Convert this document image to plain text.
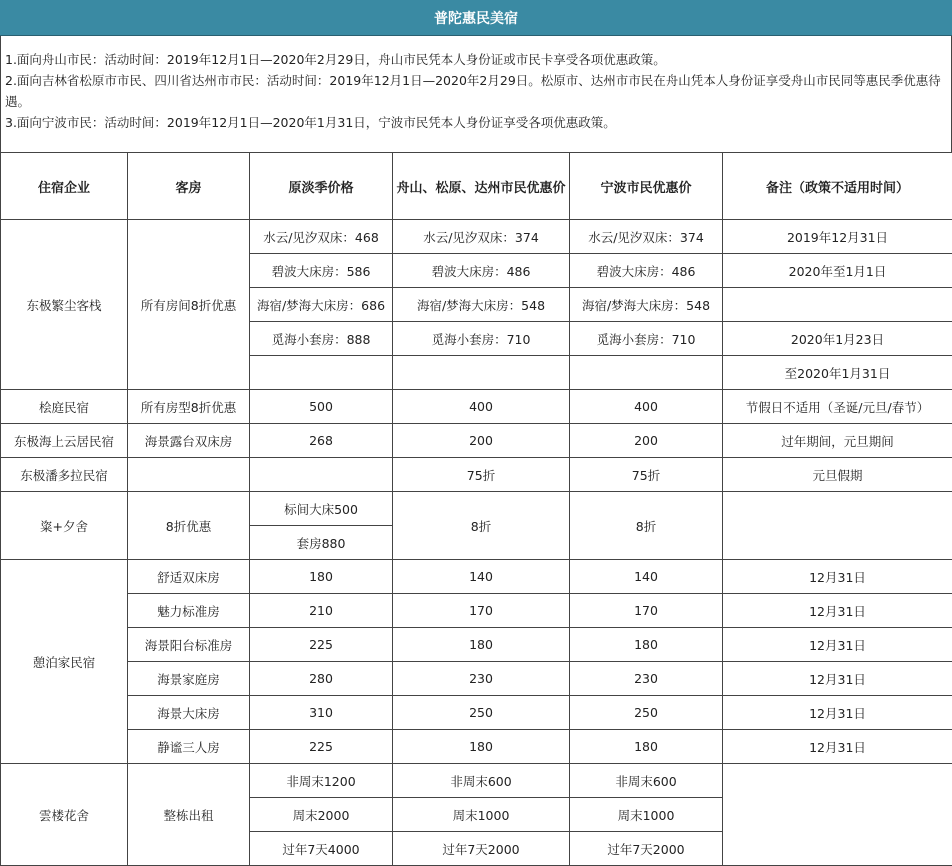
普陀惠民美宿

1.面向舟山市民：活动时间：2019年12月1日—2020年2月29日，舟山市民凭本人身份证或市民卡享受各项优惠政策。

2.面向吉林省松原市市民、四川省达州市市民：活动时间：2019年12月1日—2020年2月29日。松原市、达州市市民在舟山凭本人身份证享受舟山市民同等惠民季优惠待遇。

3.面向宁波市民：活动时间：2019年12月1日—2020年1月31日，宁波市民凭本人身份证享受各项优惠政策。

住宿企业	客房	原淡季价格	舟山、松原、达州市民优惠价	宁波市民优惠价	备注（政策不适用时间）
东极繁尘客栈	所有房间8折优惠	水云/见汐双床：468	水云/见汐双床：374	水云/见汐双床：374	2019年12月31日
		碧波大床房：586	碧波大床房：486	碧波大床房：486	2020年至1月1日
		海宿/梦海大床房：686	海宿/梦海大床房：548	海宿/梦海大床房：548	
		觅海小套房：888	觅海小套房：710	觅海小套房：710	2020年1月23日
					至2020年1月31日
桧庭民宿	所有房型8折优惠	500	400	400	节假日不适用（圣诞/元旦/春节）
东极海上云居民宿	海景露台双床房	268	200	200	过年期间，元旦期间
东极潘多拉民宿			75折	75折	元旦假期
粢+夕舍	8折优惠	标间大床500	8折	8折	
		套房880			
憩泊家民宿	舒适双床房	180	140	140	12月31日
	魅力标准房	210	170	170	12月31日
	海景阳台标准房	225	180	180	12月31日
	海景家庭房	280	230	230	12月31日
	海景大床房	310	250	250	12月31日
	静谧三人房	225	180	180	12月31日
雲楼花舍	整栋出租	非周末1200	非周末600	非周末600	
		周末2000	周末1000	周末1000	
		过年7天4000	过年7天2000	过年7天2000	
